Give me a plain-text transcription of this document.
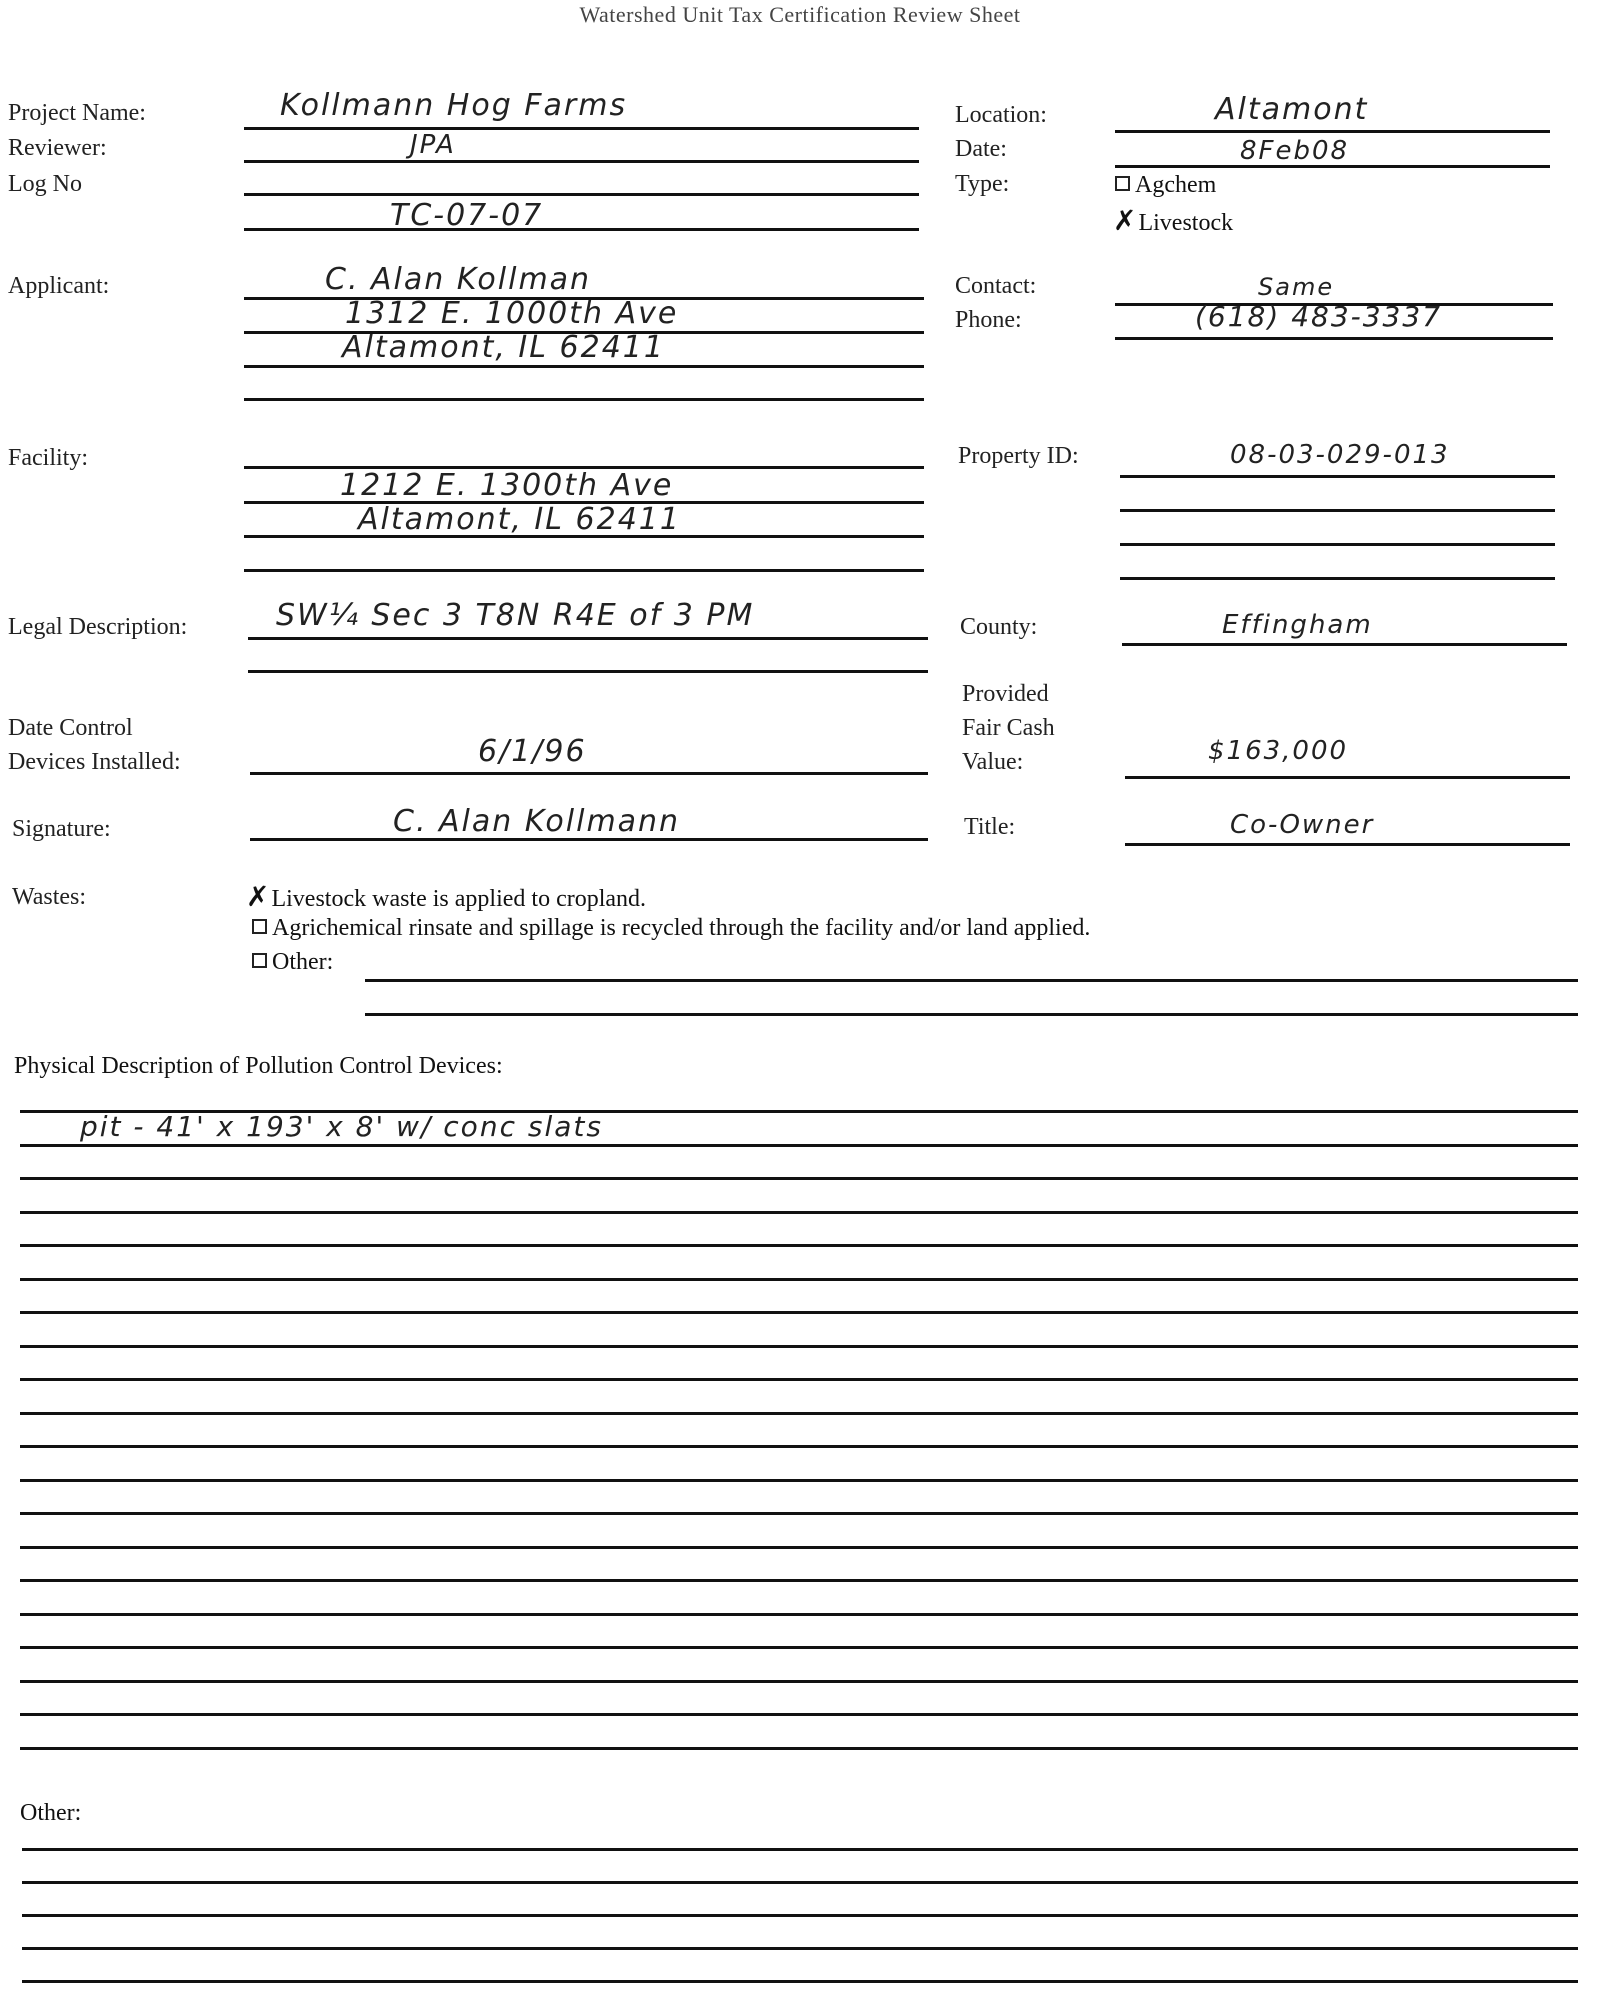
Watershed Unit Tax Certification Review Sheet
Project Name:	Kollmann Hog Farms
Reviewer:	JPA
Log No
TC-07-07
Location:	Altamont
Date:	8Feb08
Type:	Agchem
✗Livestock
Applicant:	C. Alan Kollman
1312 E. 1000th Ave
Altamont, IL 62411
Contact:	Same
Phone:	(618) 483-3337
Facility:
1212 E. 1300th Ave
Altamont, IL 62411
Property ID:	08-03-029-013
Legal Description:	SW¼ Sec 3 T8N R4E of 3 PM	County:	Effingham
Date Control
Devices Installed:	6/1/96
Provided
Fair Cash
Value:	$163,000
Signature:	C. Alan Kollmann	Title:	Co-Owner
Wastes:	✗Livestock waste is applied to cropland.
Agrichemical rinsate and spillage is recycled through the facility and/or land applied.
Other:
Physical Description of Pollution Control Devices:
pit - 41' x 193' x 8' w/ conc slats
Other:
